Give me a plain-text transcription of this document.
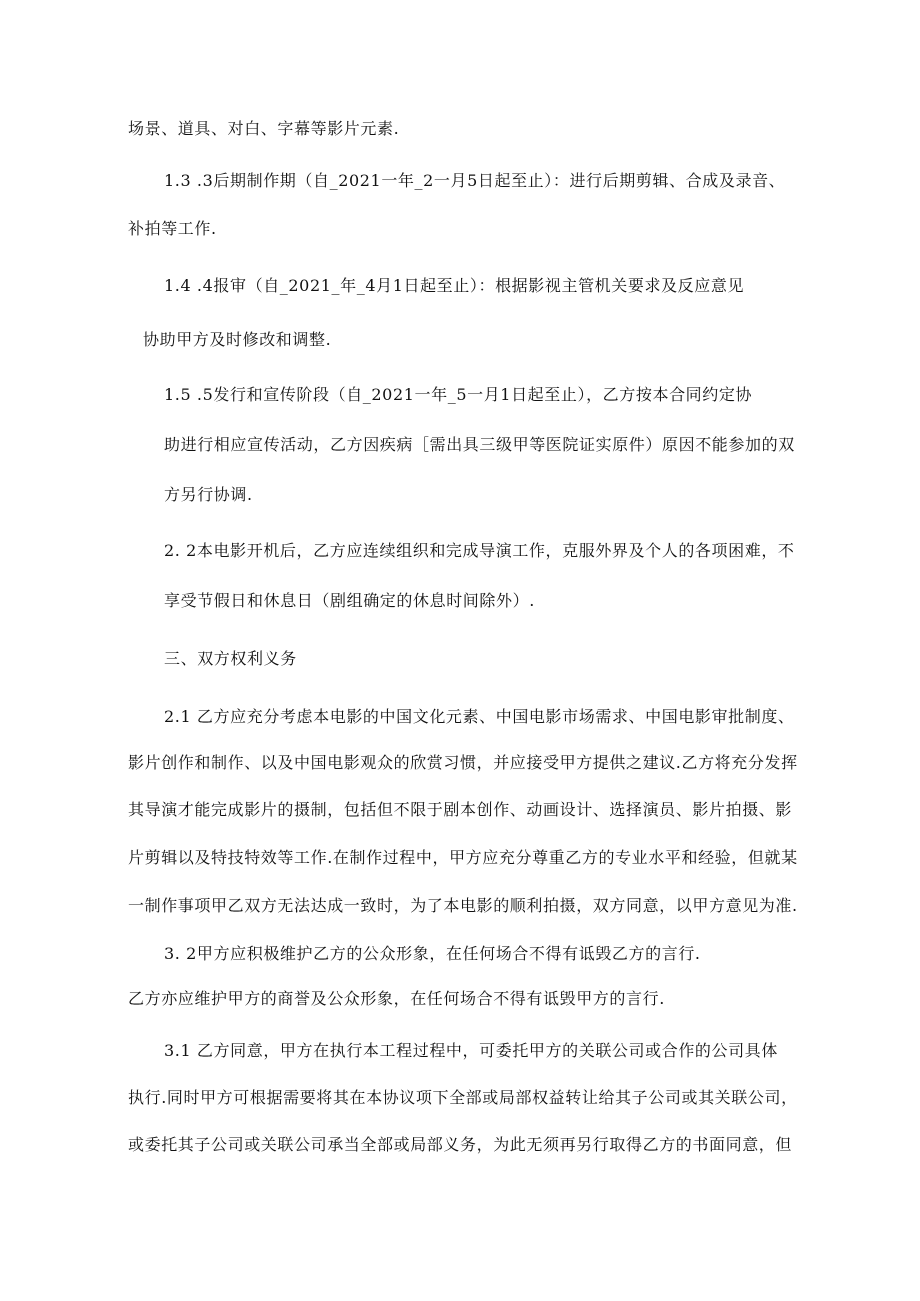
场景、道具、对白、字幕等影片元素.
1.3 .3后期制作期（自_2021一年_2一月5日起至止）：进行后期剪辑、合成及录音、
补拍等工作.
1.4 .4报审（自_2021_年_4月1日起至止）：根据影视主管机关要求及反应意见
协助甲方及时修改和调整.
1.5 .5发行和宣传阶段（自_2021一年_5一月1日起至止），乙方按本合同约定协
助进行相应宣传活动，乙方因疾病［需出具三级甲等医院证实原件）原因不能参加的双
方另行协调.
2. 2本电影开机后，乙方应连续组织和完成导演工作，克服外界及个人的各项困难，不
享受节假日和休息日（剧组确定的休息时间除外）.
三、双方权利义务
2.1 乙方应充分考虑本电影的中国文化元素、中国电影市场需求、中国电影审批制度、
影片创作和制作、以及中国电影观众的欣赏习惯，并应接受甲方提供之建议.乙方将充分发挥
其导演才能完成影片的摄制，包括但不限于剧本创作、动画设计、选择演员、影片拍摄、影
片剪辑以及特技特效等工作.在制作过程中，甲方应充分尊重乙方的专业水平和经验，但就某
一制作事项甲乙双方无法达成一致时，为了本电影的顺利拍摄，双方同意，以甲方意见为准.
3. 2甲方应积极维护乙方的公众形象，在任何场合不得有诋毁乙方的言行.
乙方亦应维护甲方的商誉及公众形象，在任何场合不得有诋毁甲方的言行.
3.1 乙方同意，甲方在执行本工程过程中，可委托甲方的关联公司或合作的公司具体
执行.同时甲方可根据需要将其在本协议项下全部或局部权益转让给其子公司或其关联公司，
或委托其子公司或关联公司承当全部或局部义务，为此无须再另行取得乙方的书面同意，但
